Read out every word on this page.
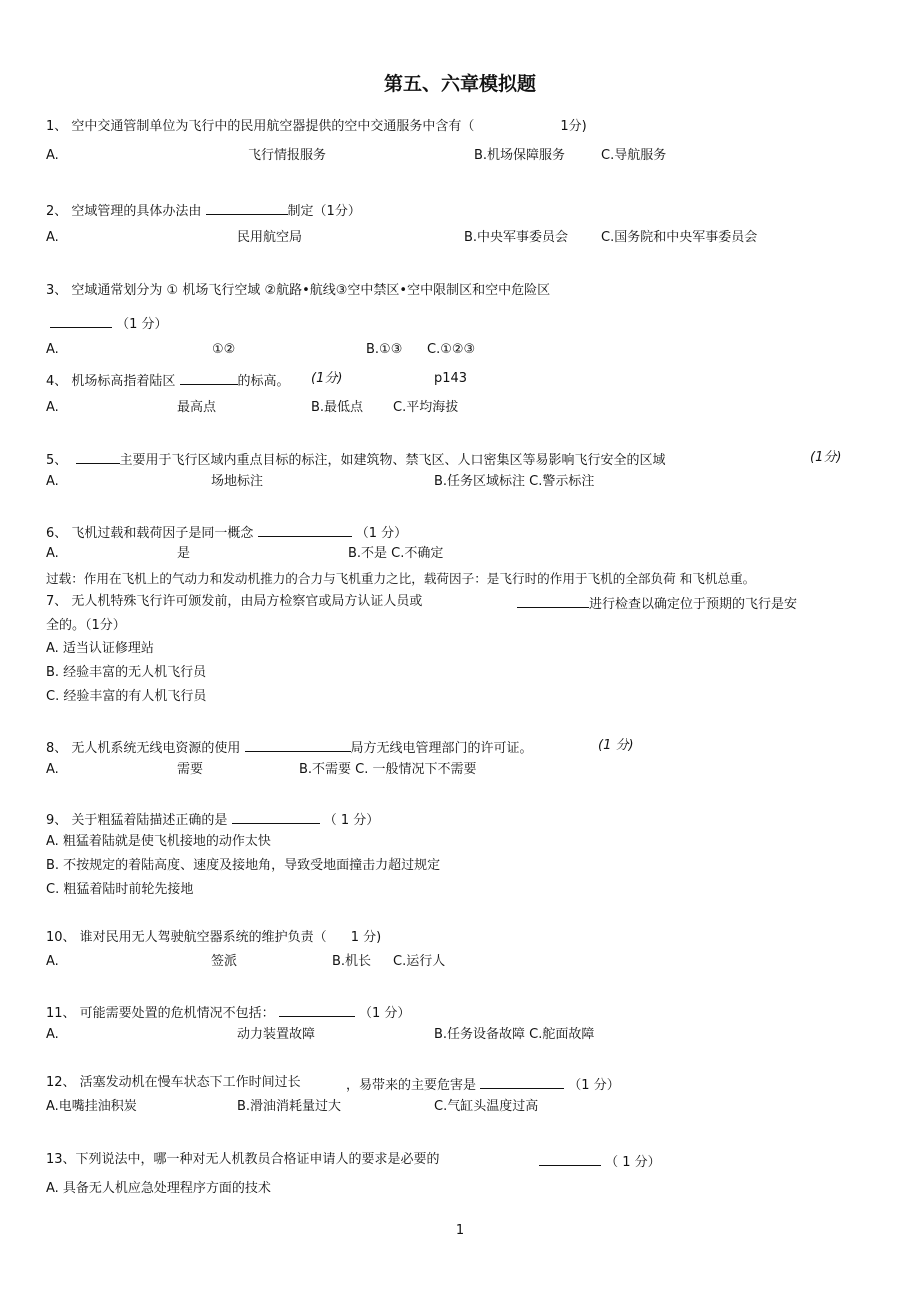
第五、六章模拟题
1、 空中交通管制单位为飞行中的民用航空器提供的空中交通服务中含有（	1分)
A.	飞行情报服务	B.机场保障服务	C.导航服务
2、 空域管理的具体办法由	制定（1分）
A.	民用航空局	B.中央军事委员会	C.国务院和中央军事委员会
3、 空域通常划分为 ① 机场飞行空域 ②航路•航线③空中禁区•空中限制区和空中危险区
（1 分）
A.	①②	B.①③ C.①②③
4、 机场标高指着陆区	的标高。 (1分)	p143
A.	最高点	B.最低点 C.平均海拔
5、	主要用于飞行区域内重点目标的标注，如建筑物、禁飞区、人口密集区等易影响飞行安全的区域	(1分)
A.	场地标注	B.任务区域标注 C.警示标注
6、 飞机过载和载荷因子是同一概念	（1 分）
A.	是	B.不是 C.不确定
过载：作用在飞机上的气动力和发动机推力的合力与飞机重力之比，载荷因子：是飞行时的作用于飞机的全部负荷 和飞机总重。
7、 无人机特殊飞行许可颁发前，由局方检察官或局方认证人员或	进行检查以确定位于预期的飞行是安
全的。（1分）
A. 适当认证修理站
B. 经验丰富的无人机飞行员
C. 经验丰富的有人机飞行员
8、 无人机系统无线电资源的使用	局方无线电管理部门的许可证。	(1 分)
A.	需要	B.不需要 C. 一般情况下不需要
9、 关于粗猛着陆描述正确的是	（ 1 分）
A. 粗猛着陆就是使飞机接地的动作太快
B. 不按规定的着陆高度、速度及接地角，导致受地面撞击力超过规定
C. 粗猛着陆时前轮先接地
10、 谁对民用无人驾驶航空器系统的维护负责（ 1 分)
A.	签派	B.机长 C.运行人
11、 可能需要处置的危机情况不包括：	（1 分）
A.	动力装置故障	B.任务设备故障 C.舵面故障
12、 活塞发动机在慢车状态下工作时间过长	，易带来的主要危害是	（1 分）
A.电嘴挂油积炭	B.滑油消耗量过大	C.气缸头温度过高
13、下列说法中，哪一种对无人机教员合格证申请人的要求是必要的	（ 1 分）
A. 具备无人机应急处理程序方面的技术
1
